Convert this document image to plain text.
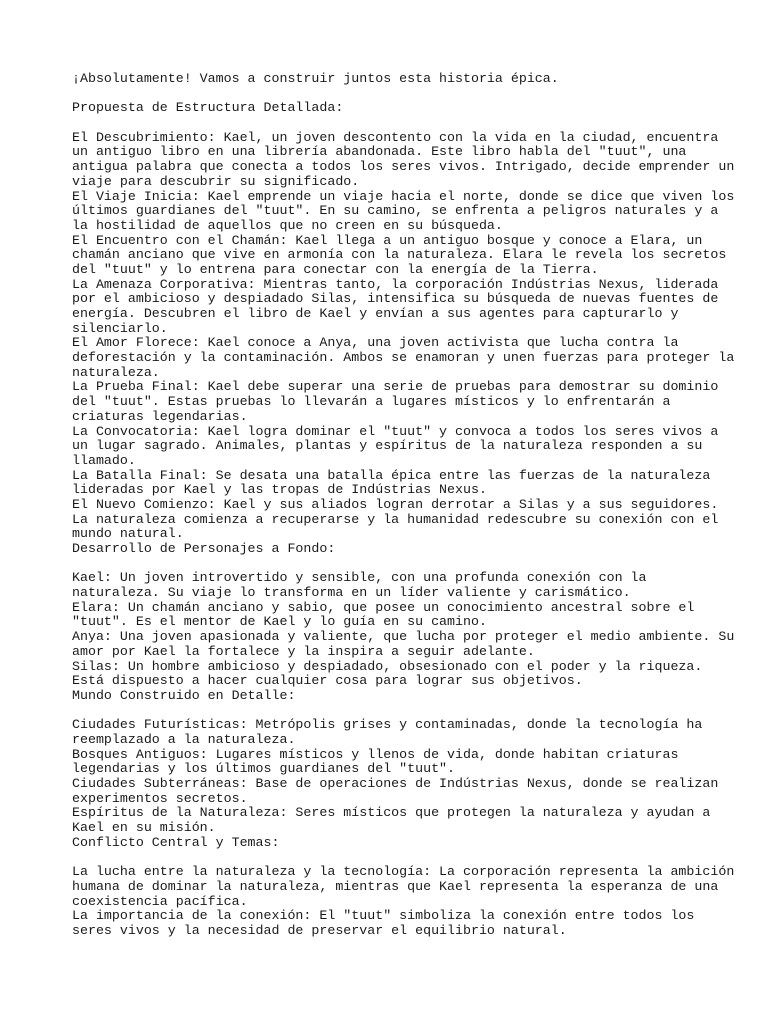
¡Absolutamente! Vamos a construir juntos esta historia épica.
Propuesta de Estructura Detallada:
El Descubrimiento: Kael, un joven descontento con la vida en la ciudad, encuentra
un antiguo libro en una librería abandonada. Este libro habla del "tuut", una
antigua palabra que conecta a todos los seres vivos. Intrigado, decide emprender un
viaje para descubrir su significado.
El Viaje Inicia: Kael emprende un viaje hacia el norte, donde se dice que viven los
últimos guardianes del "tuut". En su camino, se enfrenta a peligros naturales y a
la hostilidad de aquellos que no creen en su búsqueda.
El Encuentro con el Chamán: Kael llega a un antiguo bosque y conoce a Elara, un
chamán anciano que vive en armonía con la naturaleza. Elara le revela los secretos
del "tuut" y lo entrena para conectar con la energía de la Tierra.
La Amenaza Corporativa: Mientras tanto, la corporación Indústrias Nexus, liderada
por el ambicioso y despiadado Silas, intensifica su búsqueda de nuevas fuentes de
energía. Descubren el libro de Kael y envían a sus agentes para capturarlo y
silenciarlo.
El Amor Florece: Kael conoce a Anya, una joven activista que lucha contra la
deforestación y la contaminación. Ambos se enamoran y unen fuerzas para proteger la
naturaleza.
La Prueba Final: Kael debe superar una serie de pruebas para demostrar su dominio
del "tuut". Estas pruebas lo llevarán a lugares místicos y lo enfrentarán a
criaturas legendarias.
La Convocatoria: Kael logra dominar el "tuut" y convoca a todos los seres vivos a
un lugar sagrado. Animales, plantas y espíritus de la naturaleza responden a su
llamado.
La Batalla Final: Se desata una batalla épica entre las fuerzas de la naturaleza
lideradas por Kael y las tropas de Indústrias Nexus.
El Nuevo Comienzo: Kael y sus aliados logran derrotar a Silas y a sus seguidores.
La naturaleza comienza a recuperarse y la humanidad redescubre su conexión con el
mundo natural.
Desarrollo de Personajes a Fondo:
Kael: Un joven introvertido y sensible, con una profunda conexión con la
naturaleza. Su viaje lo transforma en un líder valiente y carismático.
Elara: Un chamán anciano y sabio, que posee un conocimiento ancestral sobre el
"tuut". Es el mentor de Kael y lo guía en su camino.
Anya: Una joven apasionada y valiente, que lucha por proteger el medio ambiente. Su
amor por Kael la fortalece y la inspira a seguir adelante.
Silas: Un hombre ambicioso y despiadado, obsesionado con el poder y la riqueza.
Está dispuesto a hacer cualquier cosa para lograr sus objetivos.
Mundo Construido en Detalle:
Ciudades Futurísticas: Metrópolis grises y contaminadas, donde la tecnología ha
reemplazado a la naturaleza.
Bosques Antiguos: Lugares místicos y llenos de vida, donde habitan criaturas
legendarias y los últimos guardianes del "tuut".
Ciudades Subterráneas: Base de operaciones de Indústrias Nexus, donde se realizan
experimentos secretos.
Espíritus de la Naturaleza: Seres místicos que protegen la naturaleza y ayudan a
Kael en su misión.
Conflicto Central y Temas:
La lucha entre la naturaleza y la tecnología: La corporación representa la ambición
humana de dominar la naturaleza, mientras que Kael representa la esperanza de una
coexistencia pacífica.
La importancia de la conexión: El "tuut" simboliza la conexión entre todos los
seres vivos y la necesidad de preservar el equilibrio natural.
